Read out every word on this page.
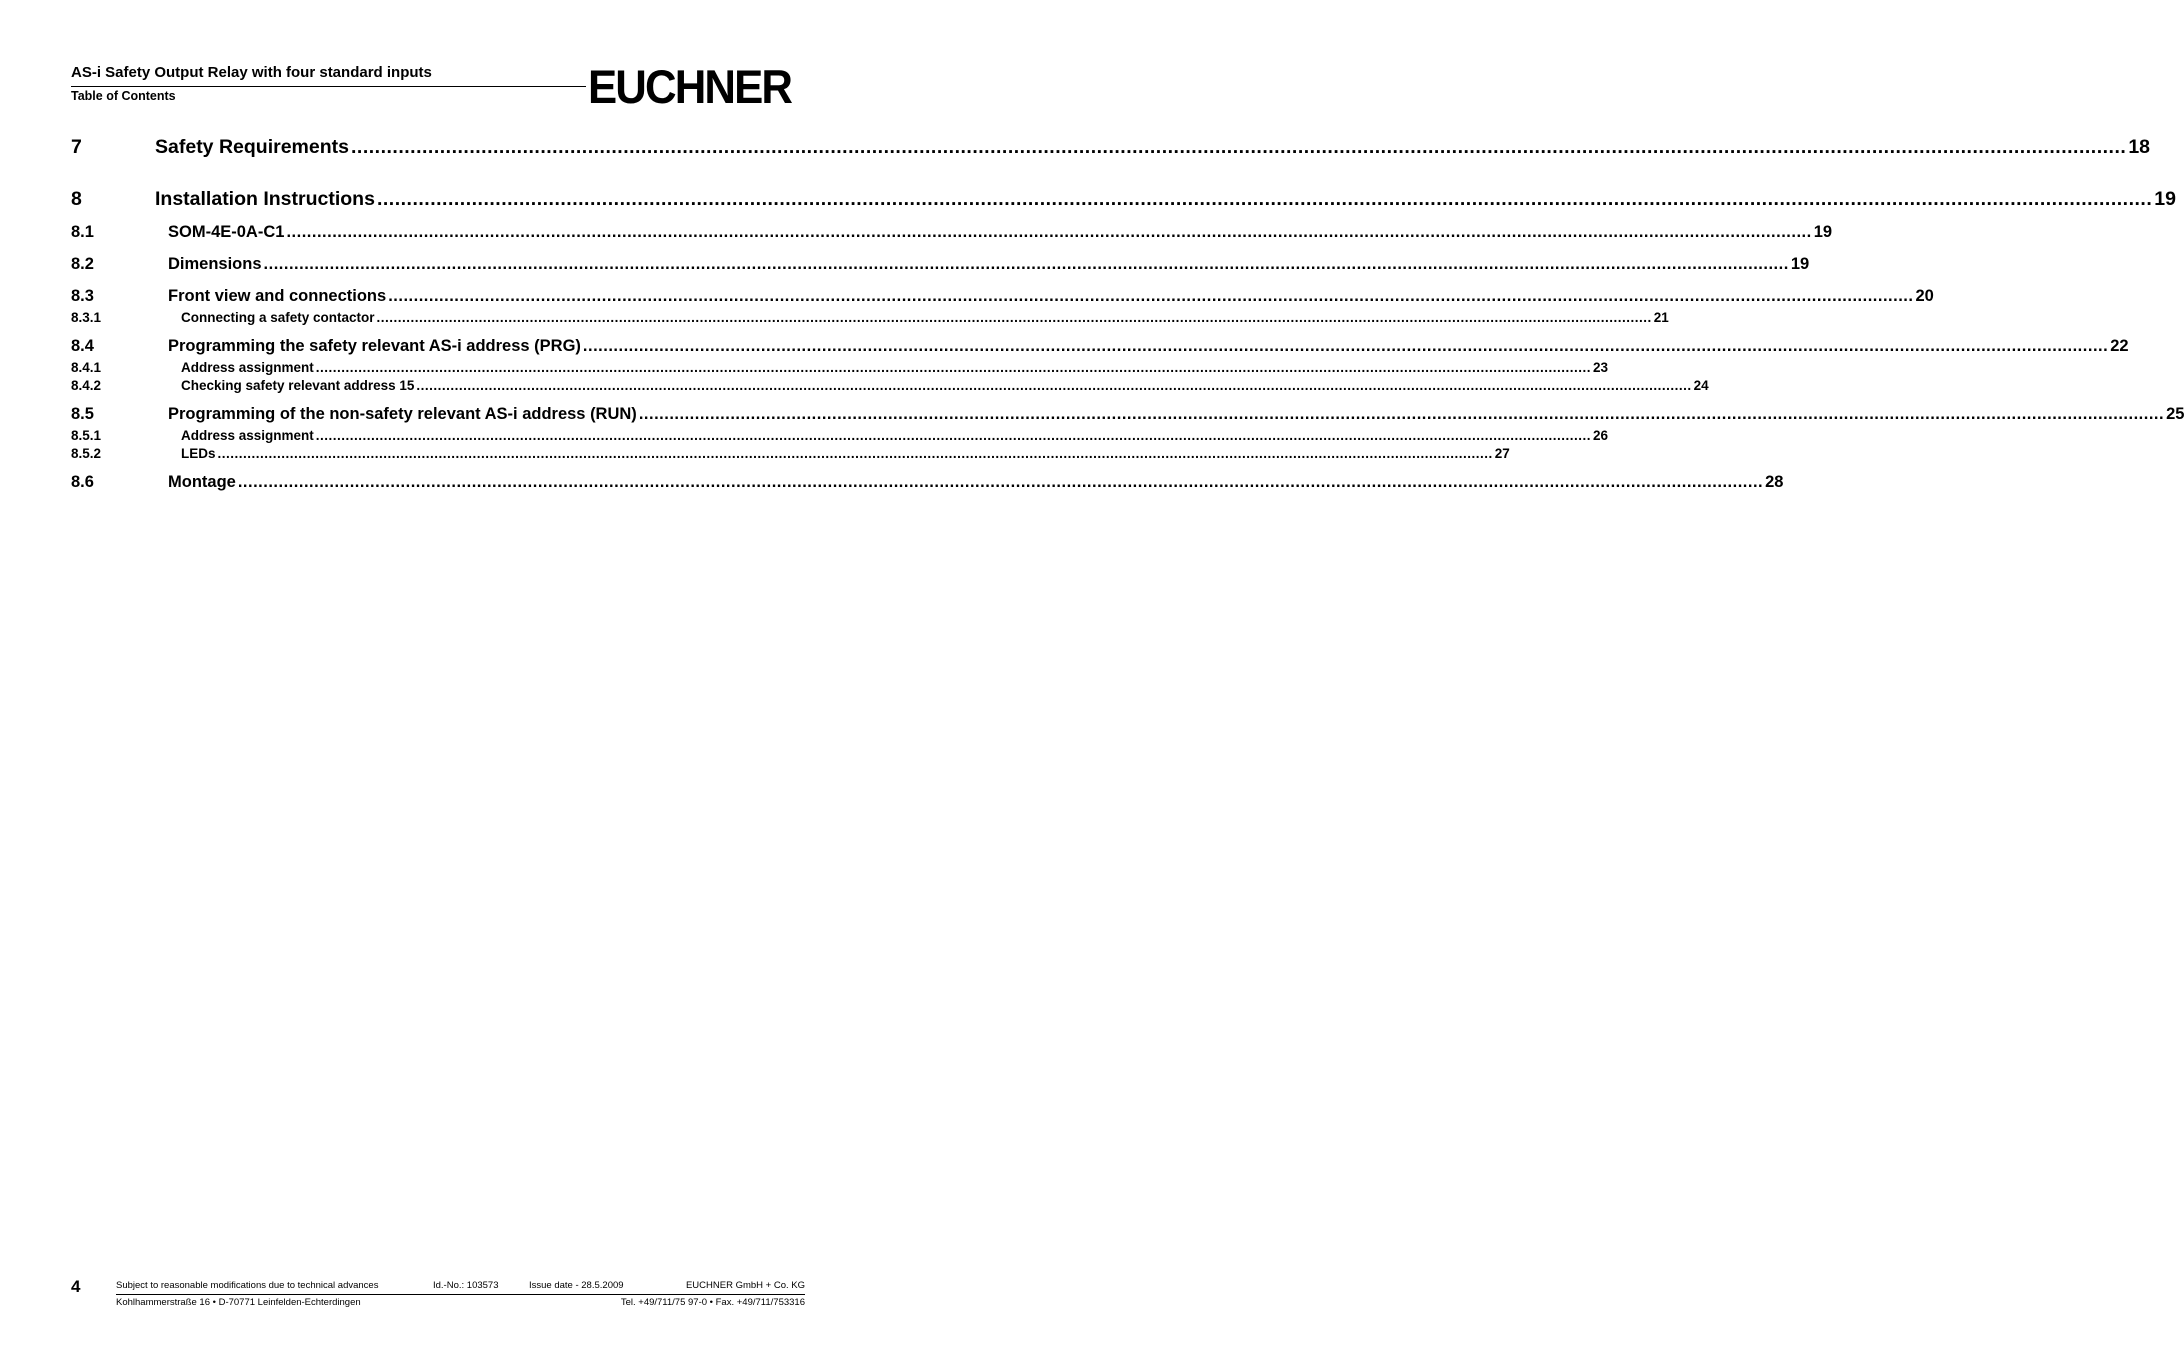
AS-i Safety Output Relay with four standard inputs
Table of Contents	EUCHNER
7	Safety Requirements ............................................................................................................................................................................................................................................................................................................ 18
8	Installation Instructions ............................................................................................................................................................................................................................................................................................................ 19
8.1	SOM-4E-0A-C1 ............................................................................................................................................................................................................................................................................................................ 19
8.2	Dimensions ............................................................................................................................................................................................................................................................................................................ 19
8.3	Front view and connections ............................................................................................................................................................................................................................................................................................................ 20
8.3.1	Connecting a safety contactor ............................................................................................................................................................................................................................................................................................................ 21
8.4	Programming the safety relevant AS-i address (PRG) ............................................................................................................................................................................................................................................................................................................ 22
8.4.1	Address assignment ............................................................................................................................................................................................................................................................................................................ 23
8.4.2	Checking safety relevant address 15 ............................................................................................................................................................................................................................................................................................................ 24
8.5	Programming of the non-safety relevant AS-i address (RUN) ............................................................................................................................................................................................................................................................................................................ 25
8.5.1	Address assignment ............................................................................................................................................................................................................................................................................................................ 26
8.5.2	LEDs ............................................................................................................................................................................................................................................................................................................ 27
8.6	Montage ............................................................................................................................................................................................................................................................................................................ 28
4	Subject to reasonable modifications due to technical advances	Id.-No.: 103573	Issue date - 28.5.2009	EUCHNER GmbH + Co. KG
Kohlhammerstraße 16 • D-70771 Leinfelden-Echterdingen	Tel. +49/711/75 97-0 • Fax. +49/711/753316
